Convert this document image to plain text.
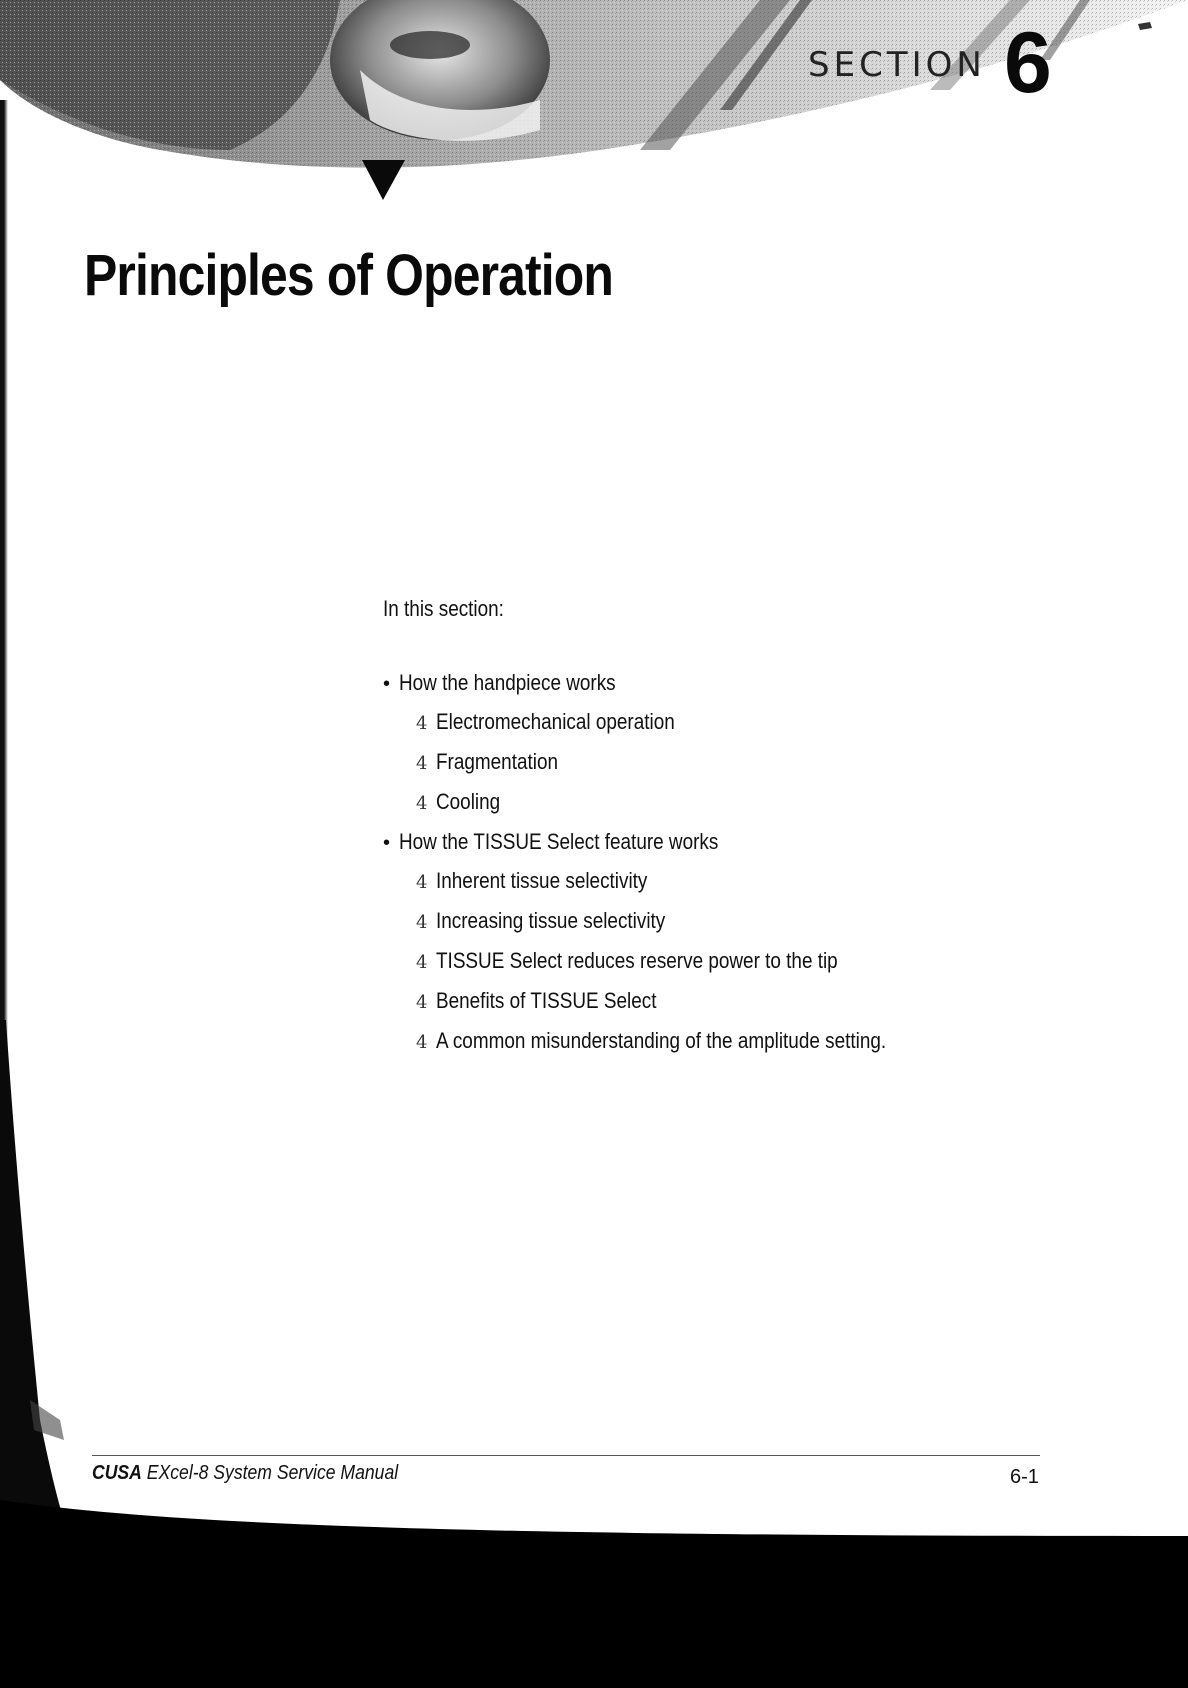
SECTION 6
Principles of Operation

In this section:

• How the handpiece works
4 Electromechanical operation
4 Fragmentation
4 Cooling
• How the TISSUE Select feature works
4 Inherent tissue selectivity
4 Increasing tissue selectivity
4 TISSUE Select reduces reserve power to the tip
4 Benefits of TISSUE Select
4 A common misunderstanding of the amplitude setting.
CUSA EXcel-8 System Service Manual	6-1
